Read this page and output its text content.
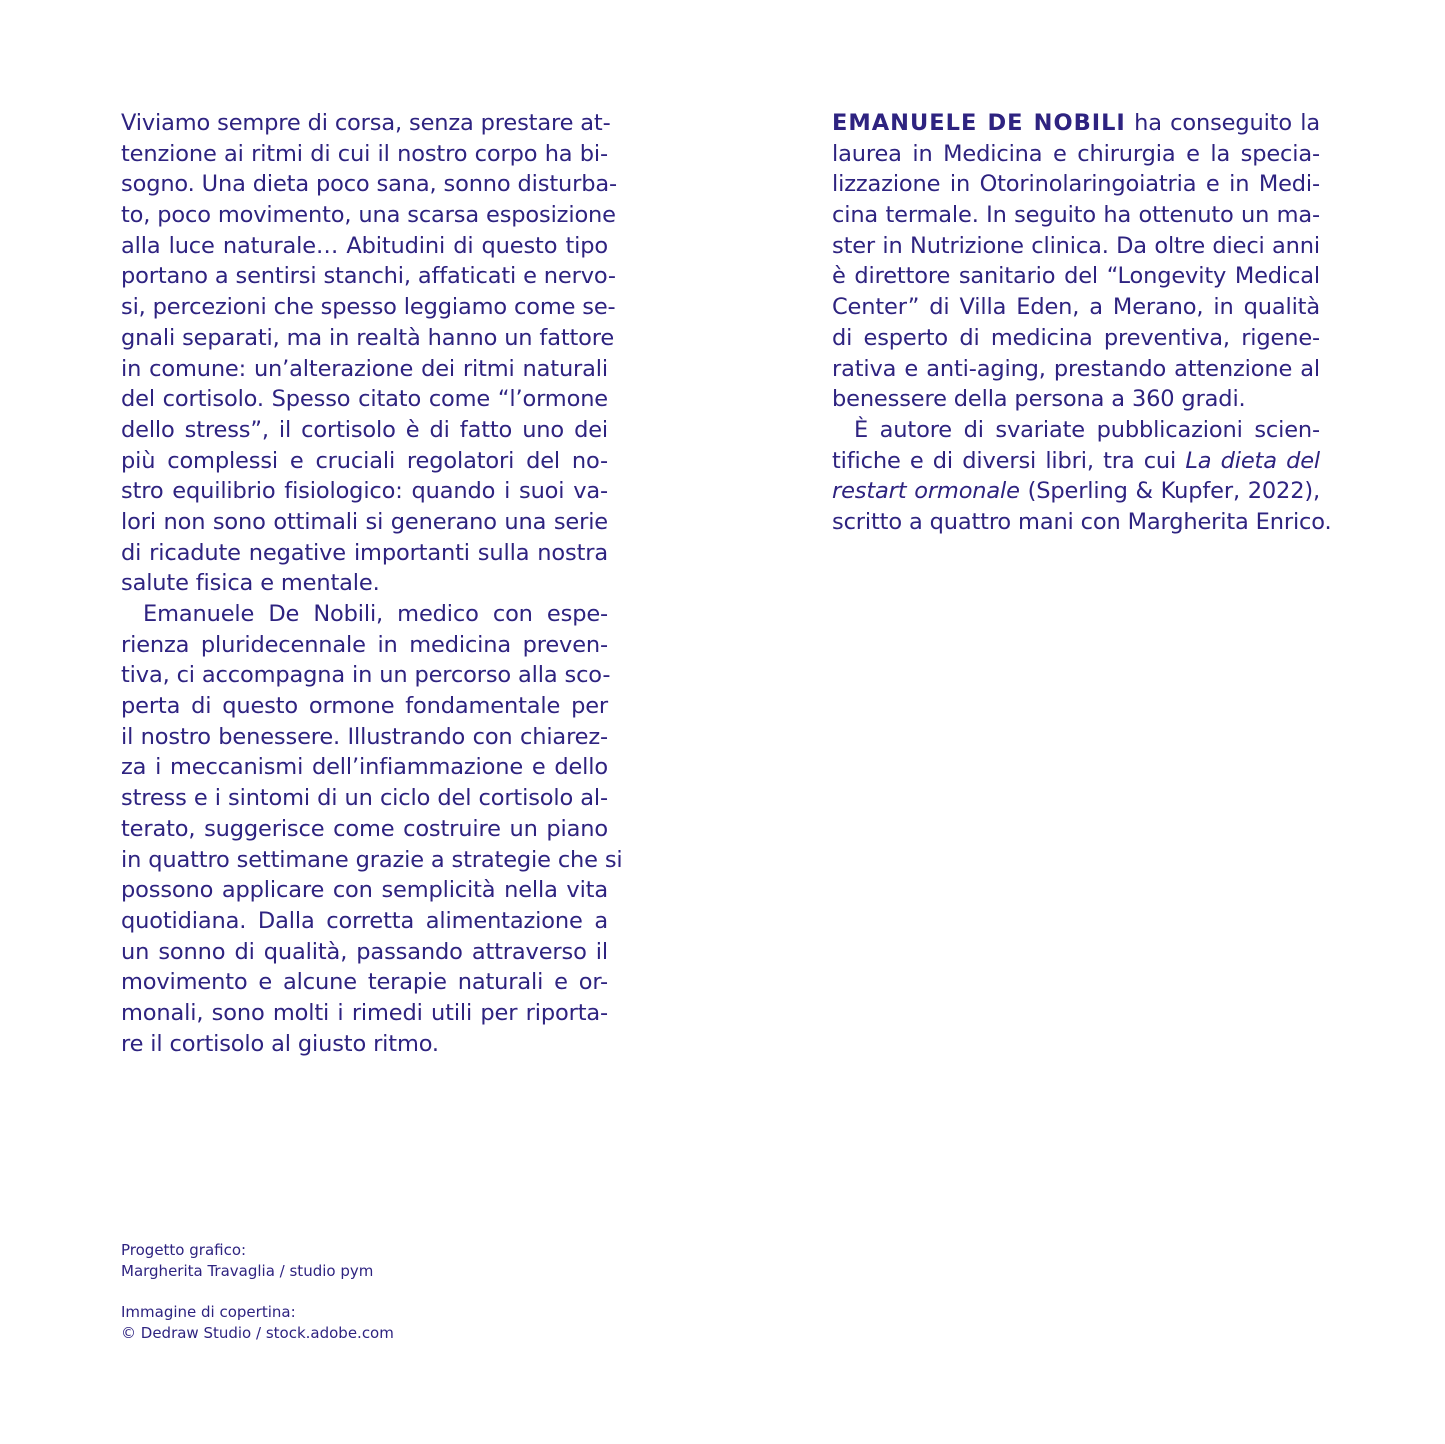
Viviamo sempre di corsa, senza prestare at-
tenzione ai ritmi di cui il nostro corpo ha bi-
sogno. Una dieta poco sana, sonno disturba-
to, poco movimento, una scarsa esposizione
alla luce naturale… Abitudini di questo tipo
portano a sentirsi stanchi, affaticati e nervo-
si, percezioni che spesso leggiamo come se-
gnali separati, ma in realtà hanno un fattore
in comune: un’alterazione dei ritmi naturali
del cortisolo. Spesso citato come “l’ormone
dello stress”, il cortisolo è di fatto uno dei
più complessi e cruciali regolatori del no-
stro equilibrio fisiologico: quando i suoi va-
lori non sono ottimali si generano una serie
di ricadute negative importanti sulla nostra
salute fisica e mentale.
Emanuele De Nobili, medico con espe-
rienza pluridecennale in medicina preven-
tiva, ci accompagna in un percorso alla sco-
perta di questo ormone fondamentale per
il nostro benessere. Illustrando con chiarez-
za i meccanismi dell’infiammazione e dello
stress e i sintomi di un ciclo del cortisolo al-
terato, suggerisce come costruire un piano
in quattro settimane grazie a strategie che si
possono applicare con semplicità nella vita
quotidiana. Dalla corretta alimentazione a
un sonno di qualità, passando attraverso il
movimento e alcune terapie naturali e or-
monali, sono molti i rimedi utili per riporta-
re il cortisolo al giusto ritmo.
EMANUELE DE NOBILI ha conseguito la
laurea in Medicina e chirurgia e la specia-
lizzazione in Otorinolaringoiatria e in Medi-
cina termale. In seguito ha ottenuto un ma-
ster in Nutrizione clinica. Da oltre dieci anni
è direttore sanitario del “Longevity Medical
Center” di Villa Eden, a Merano, in qualità
di esperto di medicina preventiva, rigene-
rativa e anti-aging, prestando attenzione al
benessere della persona a 360 gradi.
È autore di svariate pubblicazioni scien-
tifiche e di diversi libri, tra cui La dieta del
restart ormonale (Sperling & Kupfer, 2022),
scritto a quattro mani con Margherita Enrico.
Progetto grafico:
Margherita Travaglia / studio pym
Immagine di copertina:
© Dedraw Studio / stock.adobe.com
